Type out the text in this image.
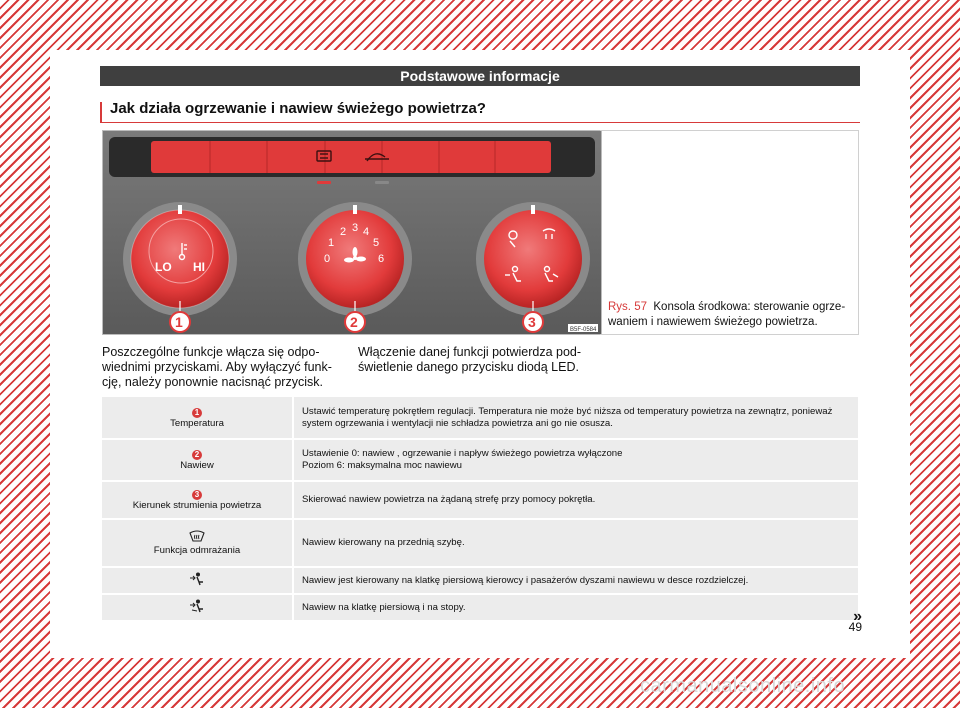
Podstawowe informacje
Jak działa ogrzewanie i nawiew świeżego powietrza?
LO HI
0
1
2 3 4
5
6
1	2	3	B5F-0584
Rys. 57 Konsola środkowa: sterowanie ogrzewaniem i nawiewem świeżego powietrza.
Poszczególne funkcje włącza się odpowiednimi przyciskami. Aby wyłączyć funkcję, należy ponownie nacisnąć przycisk.
Włączenie danej funkcji potwierdza podświetlenie danego przycisku diodą LED.
1
Temperatura	Ustawić temperaturę pokrętłem regulacji. Temperatura nie może być niższa od temperatury powietrza na zewnątrz, ponieważ system ogrzewania i wentylacji nie schładza powietrza ani go nie osusza.
2
Nawiew	Ustawienie 0: nawiew , ogrzewanie i napływ świeżego powietrza wyłączone
Poziom 6: maksymalna moc nawiewu
3
Kierunek strumienia powietrza	Skierować nawiew powietrza na żądaną strefę przy pomocy pokrętła.

Funkcja odmrażania	Nawiew kierowany na przednią szybę.
	Nawiew jest kierowany na klatkę piersiową kierowcy i pasażerów dyszami nawiewu w desce rozdzielczej.
	Nawiew na klatkę piersiową i na stopy.
»
49
carmanualsonline.info
